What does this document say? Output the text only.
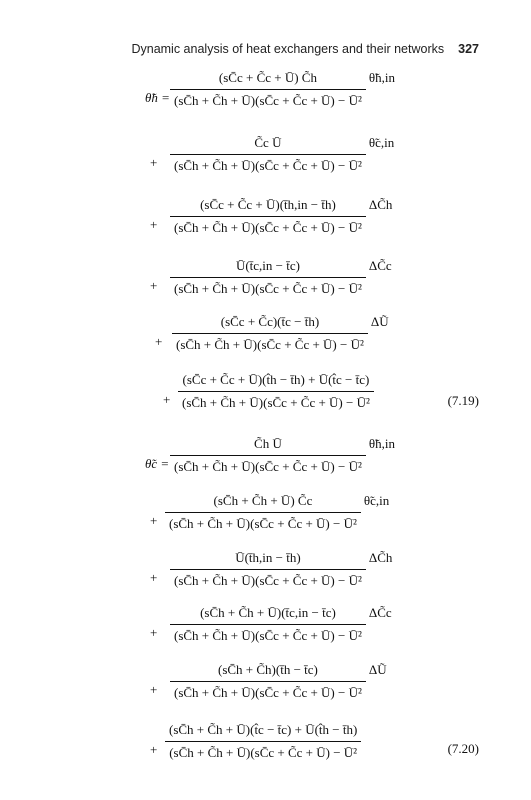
Dynamic analysis of heat exchangers and their networks 327
θ̃h = $\frac{(sC̄c + C̃c + Ū) C̃h}{\text{(sC̄h + C̃h + Ū)(sC̄c + C̃c + Ū) − Ū²}}$ θ̃h,in
+ $\frac{\text{C̃c Ū}}{\text{(sC̄h + C̃h + Ū)(sC̄c + C̃c + Ū) − Ū²}}$ θ̃c,in
+ $\frac{(sC̄c + C̃c + Ū)(t̄h,in - t̄h)}{\text{(sC̄h + C̃h + Ū)(sC̄c + C̃c + Ū) − Ū²}}$ ΔC̃h
+ $\frac{Ū(t̄c,in - t̄c)}{\text{(sC̄h + C̃h + Ū)(sC̄c + C̃c + Ū) − Ū²}}$ ΔC̃c
+ $\frac{(sC̄c + C̃c)(t̄c - t̄h)}{\text{(sC̄h + C̃h + Ū)(sC̄c + C̃c + Ū) − Ū²}}$ ΔŨ
+ $\frac{(sC̄c + C̃c + Ū)(t̂h - t̄h) + Ū(t̂c - t̄c)}{\text{(sC̄h + C̃h + Ū)(sC̄c + C̃c + Ū) − Ū²}}$	(7.19)
θ̃c = $\frac{\text{C̃h Ū}}{\text{(sC̄h + C̃h + Ū)(sC̄c + C̃c + Ū) − Ū²}}$ θ̃h,in
+ $\frac{(sC̄h + C̃h + Ū) C̃c}{\text{(sC̄h + C̃h + Ū)(sC̄c + C̃c + Ū) − Ū²}}$ θ̃c,in
+ $\frac{Ū(t̄h,in - t̄h)}{\text{(sC̄h + C̃h + Ū)(sC̄c + C̃c + Ū) − Ū²}}$ ΔC̃h
+ $\frac{(sC̄h + C̃h + Ū)(t̄c,in - t̄c)}{\text{(sC̄h + C̃h + Ū)(sC̄c + C̃c + Ū) − Ū²}}$ ΔC̃c
+ $\frac{(sC̄h + C̃h)(t̄h - t̄c)}{\text{(sC̄h + C̃h + Ū)(sC̄c + C̃c + Ū) − Ū²}}$ ΔŨ
+ $\frac{(sC̄h + C̃h + Ū)(t̂c - t̄c) + Ū(t̂h - t̄h)}{\text{(sC̄h + C̃h + Ū)(sC̄c + C̃c + Ū) − Ū²}}$	(7.20)
